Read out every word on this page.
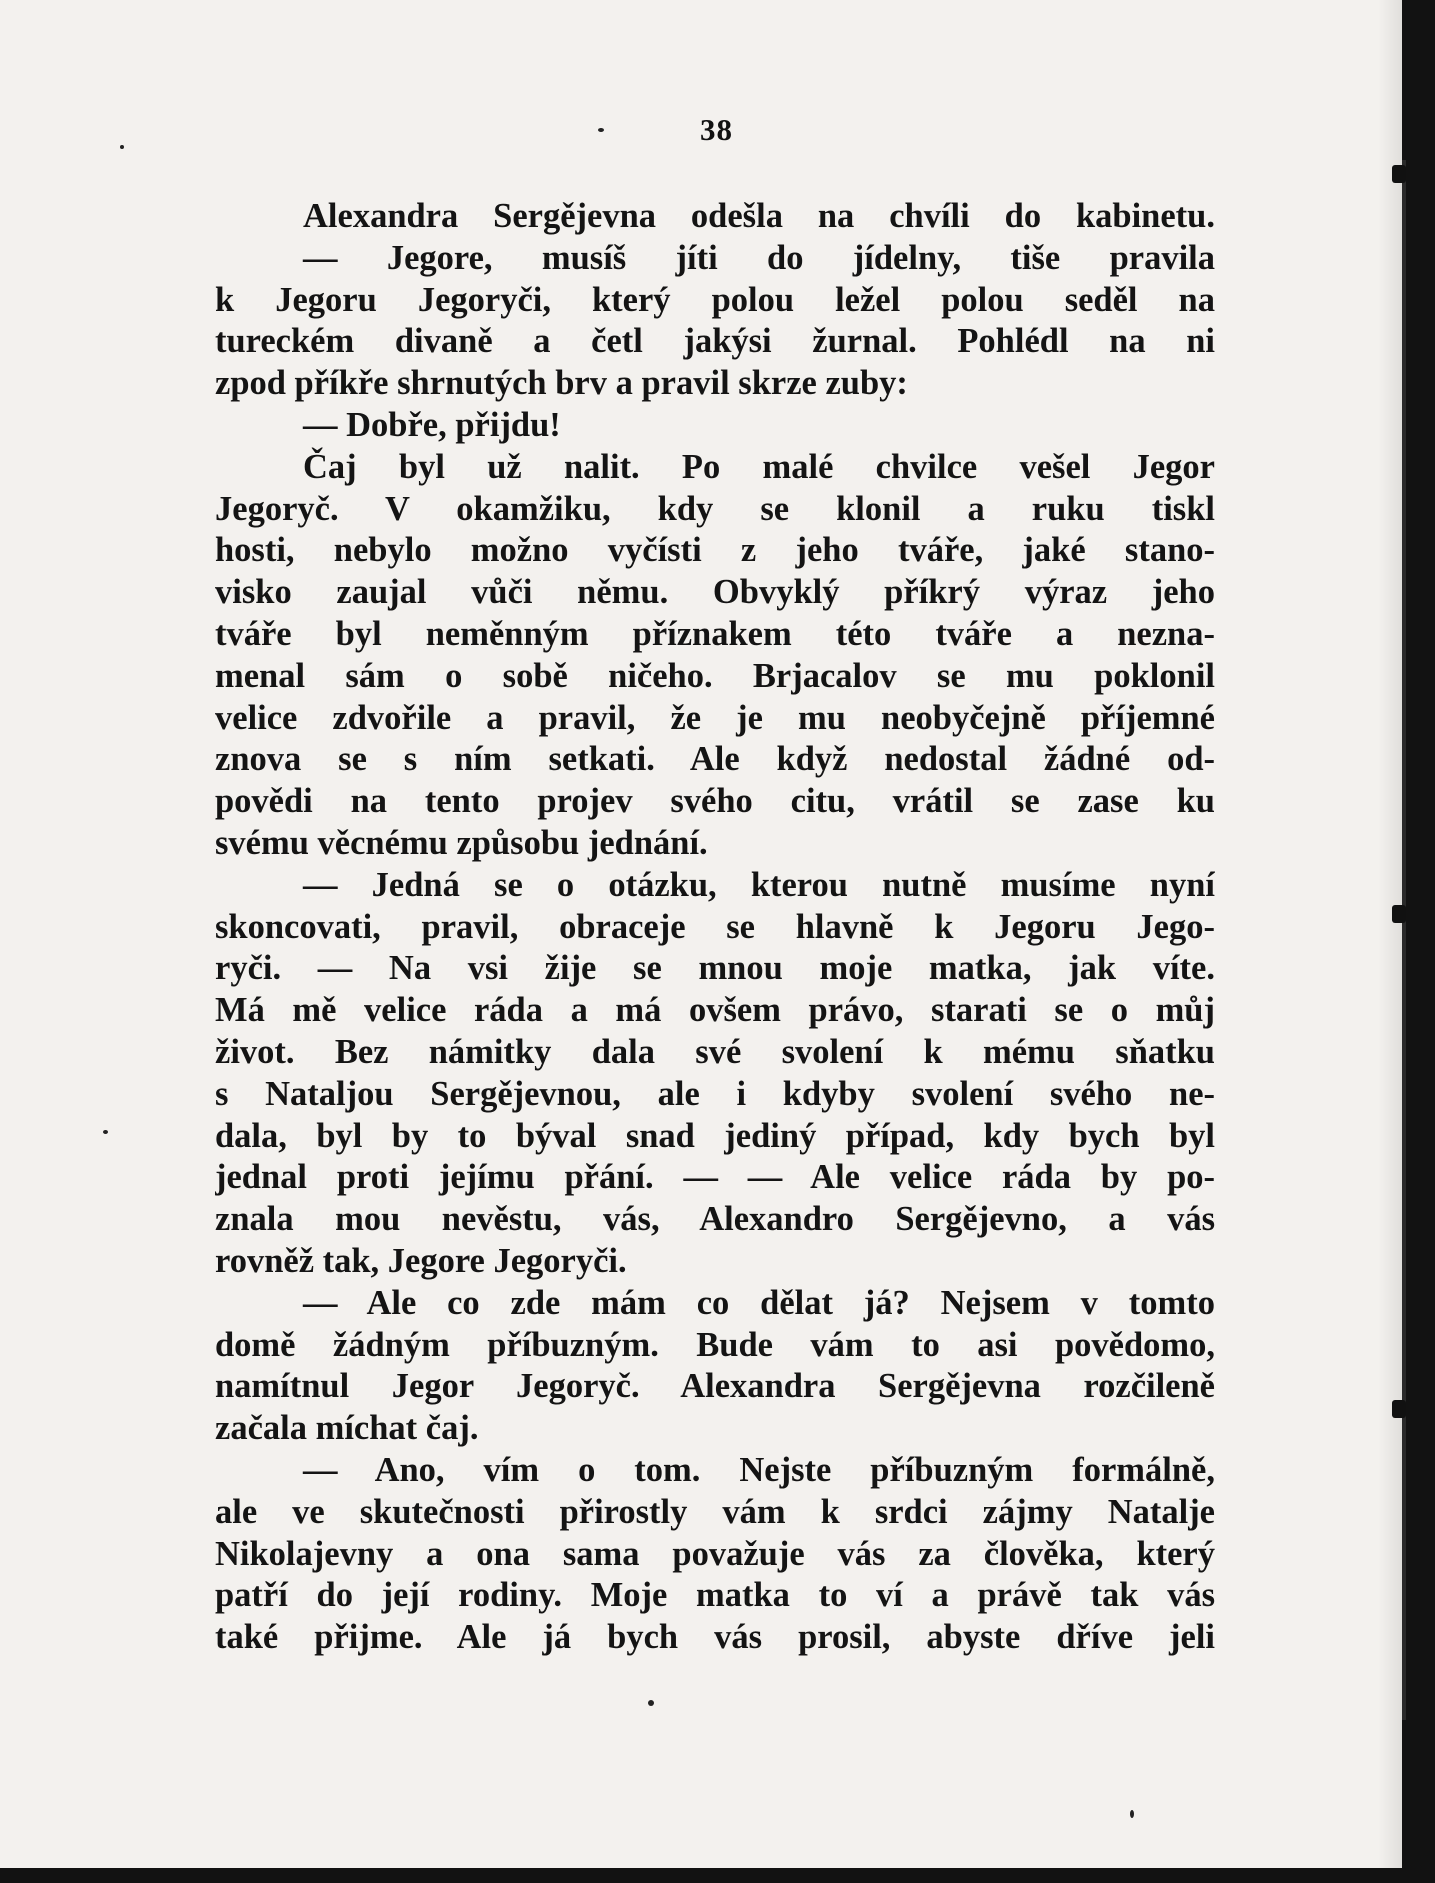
38
Alexandra Sergějevna odešla na chvíli do kabinetu.
— Jegore, musíš jíti do jídelny, tiše pravila
k Jegoru Jegoryči, který polou ležel polou seděl na
tureckém divaně a četl jakýsi žurnal. Pohlédl na ni
zpod příkře shrnutých brv a pravil skrze zuby:
— Dobře, přijdu!
Čaj byl už nalit. Po malé chvilce vešel Jegor
Jegoryč. V okamžiku, kdy se klonil a ruku tiskl
hosti, nebylo možno vyčísti z jeho tváře, jaké stano-
visko zaujal vůči němu. Obvyklý příkrý výraz jeho
tváře byl neměnným příznakem této tváře a nezna-
menal sám o sobě ničeho. Brjacalov se mu poklonil
velice zdvořile a pravil, že je mu neobyčejně příjemné
znova se s ním setkati. Ale když nedostal žádné od-
povědi na tento projev svého citu, vrátil se zase ku
svému věcnému způsobu jednání.
— Jedná se o otázku, kterou nutně musíme nyní
skoncovati, pravil, obraceje se hlavně k Jegoru Jego-
ryči. — Na vsi žije se mnou moje matka, jak víte.
Má mě velice ráda a má ovšem právo, starati se o můj
život. Bez námitky dala své svolení k mému sňatku
s Nataljou Sergějevnou, ale i kdyby svolení svého ne-
dala, byl by to býval snad jediný případ, kdy bych byl
jednal proti jejímu přání. — — Ale velice ráda by po-
znala mou nevěstu, vás, Alexandro Sergějevno, a vás
rovněž tak, Jegore Jegoryči.
— Ale co zde mám co dělat já? Nejsem v tomto
domě žádným příbuzným. Bude vám to asi povědomo,
namítnul Jegor Jegoryč. Alexandra Sergějevna rozčileně
začala míchat čaj.
— Ano, vím o tom. Nejste příbuzným formálně,
ale ve skutečnosti přirostly vám k srdci zájmy Natalje
Nikolajevny a ona sama považuje vás za člověka, který
patří do její rodiny. Moje matka to ví a právě tak vás
také přijme. Ale já bych vás prosil, abyste dříve jeli
